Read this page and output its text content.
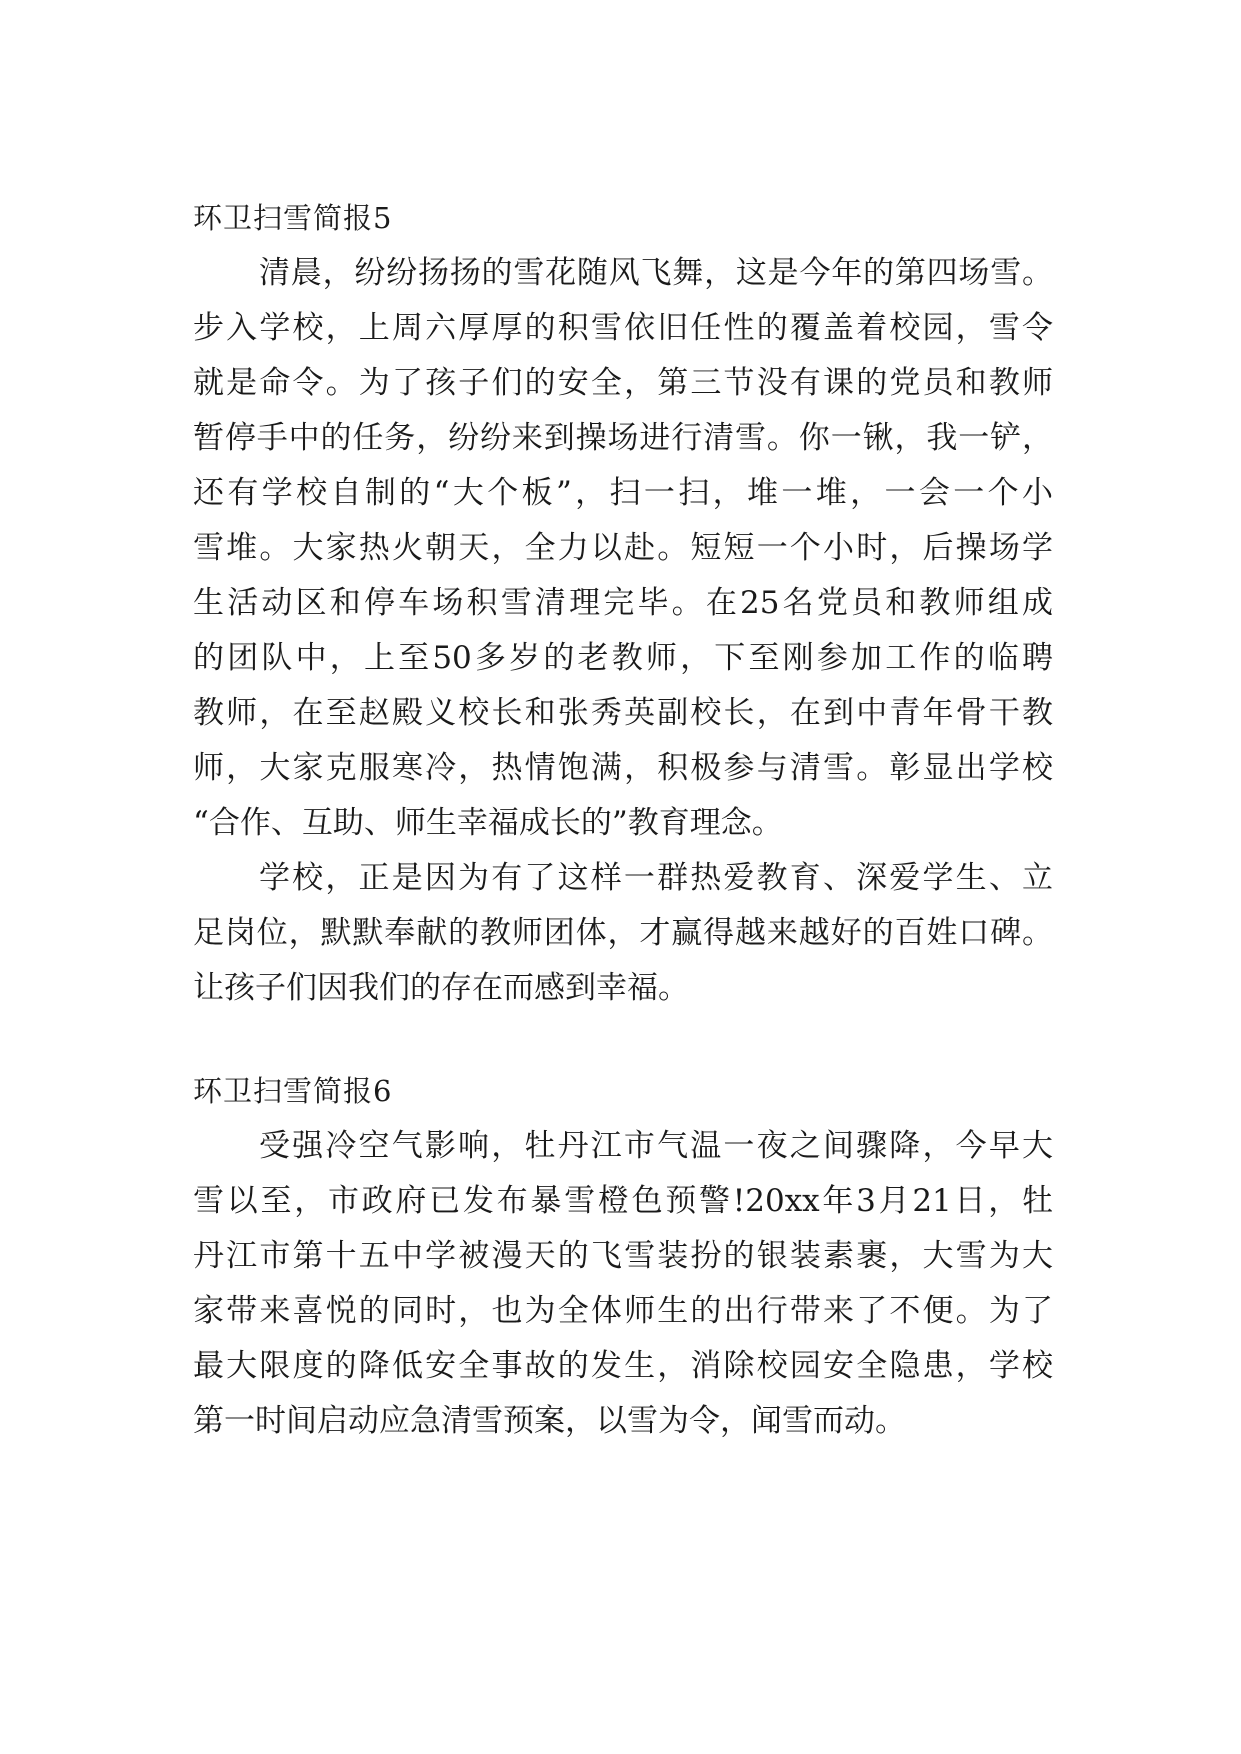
环卫扫雪简报5
清晨，纷纷扬扬的雪花随风飞舞，这是今年的第四场雪。
步入学校，上周六厚厚的积雪依旧任性的覆盖着校园，雪令
就是命令。为了孩子们的安全，第三节没有课的党员和教师
暂停手中的任务，纷纷来到操场进行清雪。你一锹，我一铲，
还有学校自制的“大个板”，扫一扫，堆一堆，一会一个小
雪堆。大家热火朝天，全力以赴。短短一个小时，后操场学
生活动区和停车场积雪清理完毕。在25名党员和教师组成
的团队中，上至50多岁的老教师，下至刚参加工作的临聘
教师，在至赵殿义校长和张秀英副校长，在到中青年骨干教
师，大家克服寒冷，热情饱满，积极参与清雪。彰显出学校
“合作、互助、师生幸福成长的”教育理念。
学校，正是因为有了这样一群热爱教育、深爱学生、立
足岗位，默默奉献的教师团体，才赢得越来越好的百姓口碑。
让孩子们因我们的存在而感到幸福。
环卫扫雪简报6
受强冷空气影响，牡丹江市气温一夜之间骤降，今早大
雪以至，市政府已发布暴雪橙色预警!20xx年3月21日，牡
丹江市第十五中学被漫天的飞雪装扮的银装素裹，大雪为大
家带来喜悦的同时，也为全体师生的出行带来了不便。为了
最大限度的降低安全事故的发生，消除校园安全隐患，学校
第一时间启动应急清雪预案，以雪为令，闻雪而动。
